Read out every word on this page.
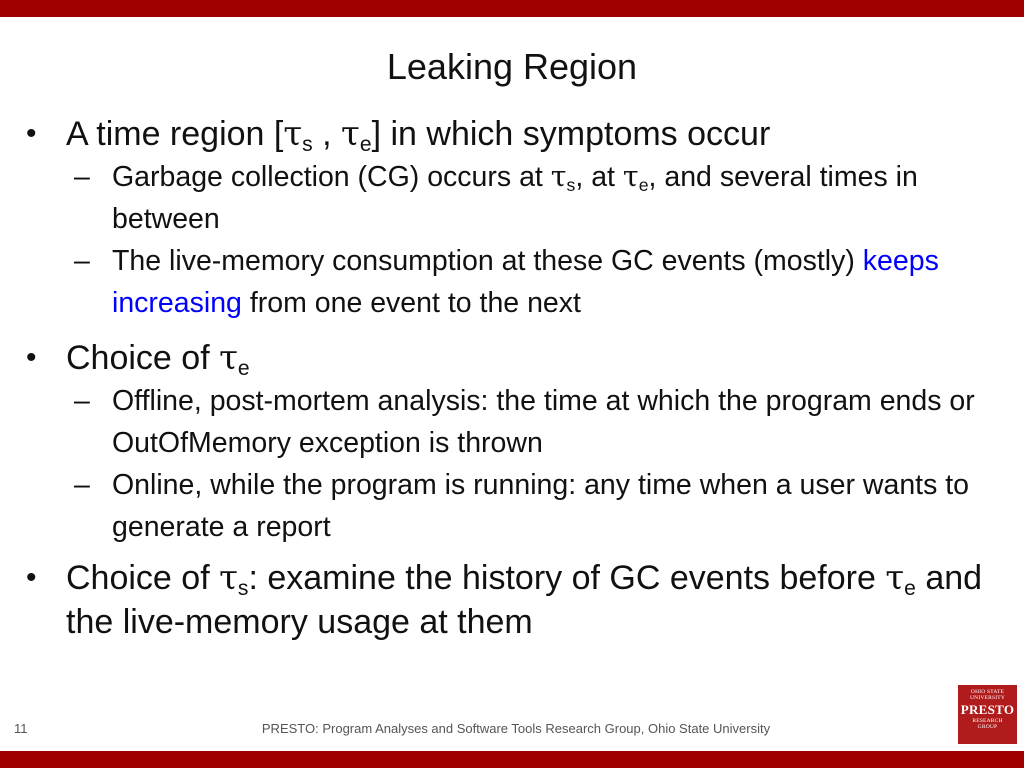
Leaking Region
• A time region [$\tau_s$ , $\tau_e$] in which symptoms occur
– Garbage collection (CG) occurs at $\tau_s$, at $\tau_e$, and several times in between
– The live-memory consumption at these GC events (mostly) keeps increasing from one event to the next
• Choice of $\tau_e$
– Offline, post-mortem analysis: the time at which the program ends or OutOfMemory exception is thrown
– Online, while the program is running: any time when a user wants to generate a report
• Choice of $\tau_s$: examine the history of GC events before $\tau_e$ and the live-memory usage at them
11	PRESTO: Program Analyses and Software Tools Research Group, Ohio State University
OHIO STATE
UNIVERSITY
PRESTO
RESEARCH
GROUP
